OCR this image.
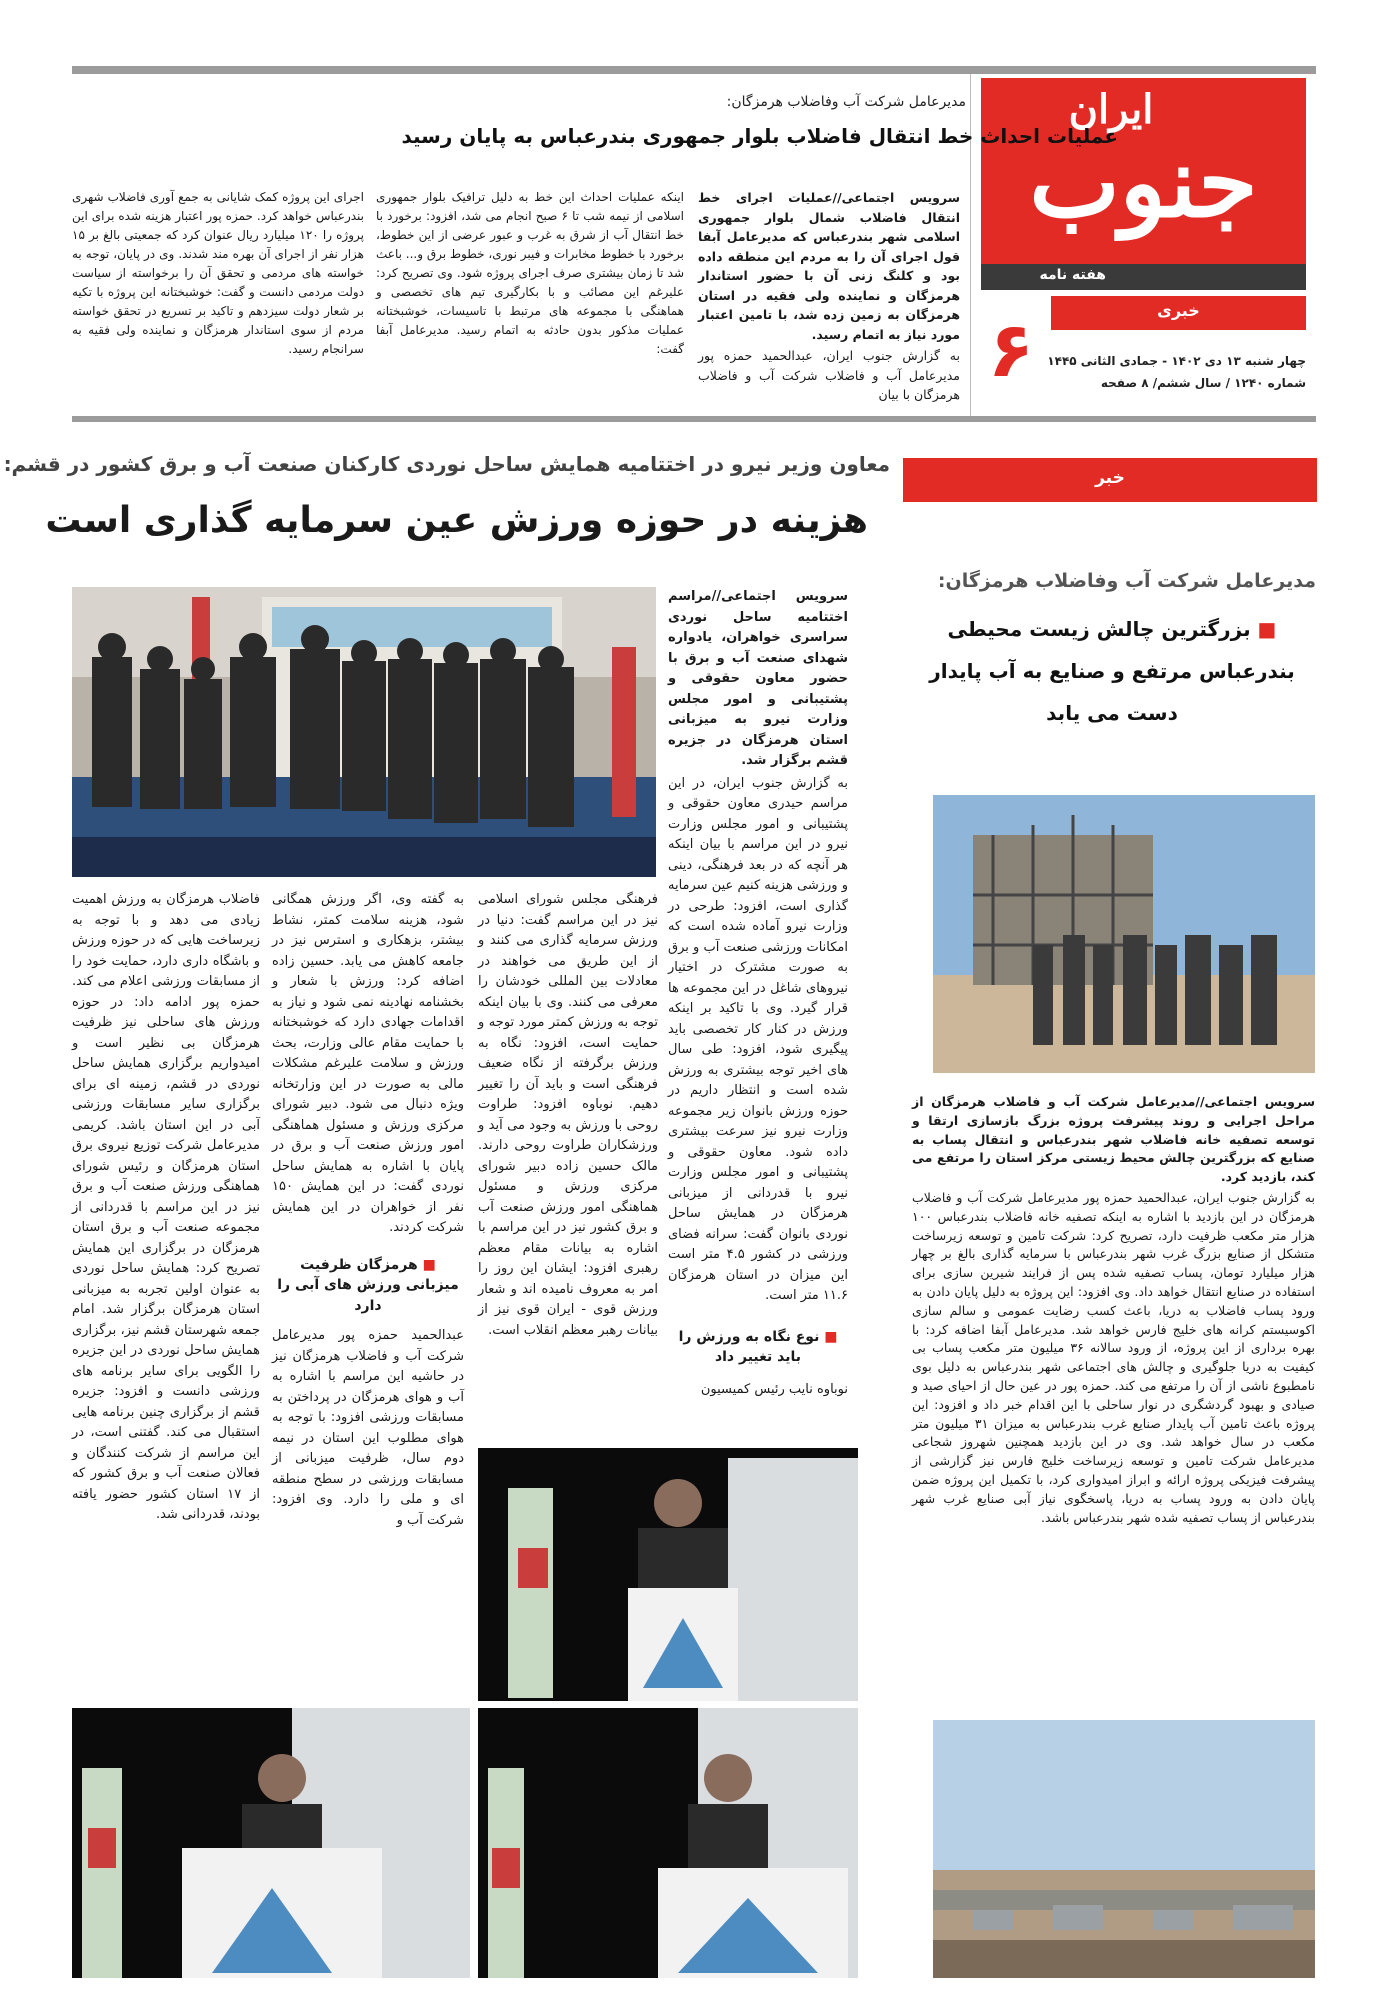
ایران
جنوب
هفته نامه
۶	خبری
چهار شنبه ۱۳ دی ۱۴۰۲ - جمادی الثانی ۱۴۴۵
شماره ۱۲۴۰ / سال ششم/ ۸ صفحه
مدیرعامل شرکت آب وفاضلاب هرمزگان:
عملیات احداث خط انتقال فاضلاب بلوار جمهوری بندرعباس به پایان رسید

سرویس اجتماعی//عملیات اجرای خط انتقال فاضلاب شمال بلوار جمهوری اسلامی شهر بندرعباس که مدیرعامل آبفا قول اجرای آن را به مردم این منطقه داده بود و کلنگ زنی آن با حضور استاندار هرمزگان و نماینده ولی فقیه در استان هرمزگان به زمین زده شد، با تامین اعتبار مورد نیاز به اتمام رسید.

به گزارش جنوب ایران، عبدالحمید حمزه پور مدیرعامل آب و فاضلاب شرکت آب و فاضلاب هرمزگان با بیان

اینکه عملیات احداث این خط به دلیل ترافیک بلوار جمهوری اسلامی از نیمه شب تا ۶ صبح انجام می شد، افزود: برخورد با خط انتقال آب از شرق به غرب و عبور عرضی از این خطوط، برخورد با خطوط مخابرات و فیبر نوری، خطوط برق و... باعث شد تا زمان بیشتری صرف اجرای پروژه شود. وی تصریح کرد: علیرغم این مصائب و با بکارگیری تیم های تخصصی و هماهنگی با مجموعه های مرتبط با تاسیسات، خوشبختانه عملیات مذکور بدون حادثه به اتمام رسید. مدیرعامل آبفا گفت:

اجرای این پروژه کمک شایانی به جمع آوری فاضلاب شهری بندرعباس خواهد کرد. حمزه پور اعتبار هزینه شده برای این پروژه را ۱۲۰ میلیارد ریال عنوان کرد که جمعیتی بالغ بر ۱۵ هزار نفر از اجرای آن بهره مند شدند. وی در پایان، توجه به خواسته های مردمی و تحقق آن را برخواسته از سیاست دولت مردمی دانست و گفت: خوشبختانه این پروژه با تکیه بر شعار دولت سیزدهم و تاکید بر تسریع در تحقق خواسته مردم از سوی استاندار هرمزگان و نماینده ولی فقیه به سرانجام رسید.

معاون وزیر نیرو در اختتامیه همایش ساحل نوردی کارکنان صنعت آب و برق کشور در قشم:
هزینه در حوزه ورزش عین سرمایه گذاری است

سرویس اجتماعی//مراسم اختتامیه ساحل نوردی سراسری خواهران، یادواره شهدای صنعت آب و برق با حضور معاون حقوقی و پشتیبانی و امور مجلس وزارت نیرو به میزبانی استان هرمزگان در جزیره قشم برگزار شد.

به گزارش جنوب ایران، در این مراسم حیدری معاون حقوقی و پشتیبانی و امور مجلس وزارت نیرو در این مراسم با بیان اینکه هر آنچه که در بعد فرهنگی، دینی و ورزشی هزینه کنیم عین سرمایه گذاری است، افزود: طرحی در وزارت نیرو آماده شده است که امکانات ورزشی صنعت آب و برق به صورت مشترک در اختیار نیروهای شاغل در این مجموعه ها قرار گیرد. وی با تاکید بر اینکه ورزش در کنار کار تخصصی باید پیگیری شود، افزود: طی سال های اخیر توجه بیشتری به ورزش شده است و انتظار داریم در حوزه ورزش بانوان زیر مجموعه وزارت نیرو نیز سرعت بیشتری داده شود. معاون حقوقی و پشتیبانی و امور مجلس وزارت نیرو با قدردانی از میزبانی هرمزگان در همایش ساحل نوردی بانوان گفت: سرانه فضای ورزشی در کشور ۴.۵ متر است این میزان در استان هرمزگان ۱۱.۶ متر است.

■ نوع نگاه به ورزش را باید تغییر داد

نوباوه نایب رئیس کمیسیون

فرهنگی مجلس شورای اسلامی نیز در این مراسم گفت: دنیا در ورزش سرمایه گذاری می کنند و از این طریق می خواهند در معادلات بین المللی خودشان را معرفی می کنند. وی با بیان اینکه توجه به ورزش کمتر مورد توجه و حمایت است، افزود: نگاه به ورزش برگرفته از نگاه ضعیف فرهنگی است و باید آن را تغییر دهیم. نوباوه افزود: طراوت روحی با ورزش به وجود می آید و ورزشکاران طراوت روحی دارند. مالک حسین زاده دبیر شورای مرکزی ورزش و مسئول هماهنگی امور ورزش صنعت آب و برق کشور نیز در این مراسم با اشاره به بیانات مقام معظم رهبری افزود: ایشان این روز را امر به معروف نامیده اند و شعار ورزش قوی - ایران قوی نیز از بیانات رهبر معظم انقلاب است.

به گفته وی، اگر ورزش همگانی شود، هزینه سلامت کمتر، نشاط بیشتر، بزهکاری و استرس نیز در جامعه کاهش می یابد. حسین زاده اضافه کرد: ورزش با شعار و بخشنامه نهادینه نمی شود و نیاز به اقدامات جهادی دارد که خوشبختانه با حمایت مقام عالی وزارت، بحث ورزش و سلامت علیرغم مشکلات مالی به صورت در این وزارتخانه ویژه دنبال می شود. دبیر شورای مرکزی ورزش و مسئول هماهنگی امور ورزش صنعت آب و برق در پایان با اشاره به همایش ساحل نوردی گفت: در این همایش ۱۵۰ نفر از خواهران در این همایش شرکت کردند.

■ هرمزگان ظرفیت میزبانی ورزش های آبی را دارد

عبدالحمید حمزه پور مدیرعامل شرکت آب و فاضلاب هرمزگان نیز در حاشیه این مراسم با اشاره به آب و هوای هرمزگان در پرداختن به مسابقات ورزشی افزود: با توجه به هوای مطلوب این استان در نیمه دوم سال، ظرفیت میزبانی از مسابقات ورزشی در سطح منطقه ای و ملی را دارد. وی افزود: شرکت آب و

فاضلاب هرمزگان به ورزش اهمیت زیادی می دهد و با توجه به زیرساخت هایی که در حوزه ورزش و باشگاه داری دارد، حمایت خود را از مسابقات ورزشی اعلام می کند. حمزه پور ادامه داد: در حوزه ورزش های ساحلی نیز ظرفیت هرمزگان بی نظیر است و امیدواریم برگزاری همایش ساحل نوردی در قشم، زمینه ای برای برگزاری سایر مسابقات ورزشی آبی در این استان باشد. کریمی مدیرعامل شرکت توزیع نیروی برق استان هرمزگان و رئیس شورای هماهنگی ورزش صنعت آب و برق نیز در این مراسم با قدردانی از مجموعه صنعت آب و برق استان هرمزگان در برگزاری این همایش تصریح کرد: همایش ساحل نوردی به عنوان اولین تجربه به میزبانی استان هرمزگان برگزار شد. امام جمعه شهرستان قشم نیز، برگزاری همایش ساحل نوردی در این جزیره را الگویی برای سایر برنامه های ورزشی دانست و افزود: جزیره قشم از برگزاری چنین برنامه هایی استقبال می کند. گفتنی است، در این مراسم از شرکت کنندگان و فعالان صنعت آب و برق کشور که از ۱۷ استان کشور حضور یافته بودند، قدردانی شد.

خبر
مدیرعامل شرکت آب وفاضلاب هرمزگان:
■ بزرگترین چالش زیست محیطی بندرعباس مرتفع و صنایع به آب پایدار دست می یابد

سرویس اجتماعی//مدیرعامل شرکت آب و فاضلاب هرمزگان از مراحل اجرایی و روند پیشرفت پروژه بزرگ بازسازی ارتقا و توسعه تصفیه خانه فاضلاب شهر بندرعباس و انتقال پساب به صنایع که بزرگترین چالش محیط زیستی مرکز استان را مرتفع می کند، بازدید کرد.

به گزارش جنوب ایران، عبدالحمید حمزه پور مدیرعامل شرکت آب و فاضلاب هرمزگان در این بازدید با اشاره به اینکه تصفیه خانه فاضلاب بندرعباس ۱۰۰ هزار متر مکعب ظرفیت دارد، تصریح کرد: شرکت تامین و توسعه زیرساخت متشکل از صنایع بزرگ غرب شهر بندرعباس با سرمایه گذاری بالغ بر چهار هزار میلیارد تومان، پساب تصفیه شده پس از فرایند شیرین سازی برای استفاده در صنایع انتقال خواهد داد. وی افزود: این پروژه به دلیل پایان دادن به ورود پساب فاضلاب به دریا، باعث کسب رضایت عمومی و سالم سازی اکوسیستم کرانه های خلیج فارس خواهد شد. مدیرعامل آبفا اضافه کرد: با بهره برداری از این پروژه، از ورود سالانه ۳۶ میلیون متر مکعب پساب بی کیفیت به دریا جلوگیری و چالش های اجتماعی شهر بندرعباس به دلیل بوی نامطبوع ناشی از آن را مرتفع می کند. حمزه پور در عین حال از احیای صید و صیادی و بهبود گردشگری در نوار ساحلی با این اقدام خبر داد و افزود: این پروژه باعث تامین آب پایدار صنایع غرب بندرعباس به میزان ۳۱ میلیون متر مکعب در سال خواهد شد. وی در این بازدید همچنین شهروز شجاعی مدیرعامل شرکت تامین و توسعه زیرساخت خلیج فارس نیز گزارشی از پیشرفت فیزیکی پروژه ارائه و ابراز امیدواری کرد، با تکمیل این پروژه ضمن پایان دادن به ورود پساب به دریا، پاسخگوی نیاز آبی صنایع غرب شهر بندرعباس از پساب تصفیه شده شهر بندرعباس باشد.
